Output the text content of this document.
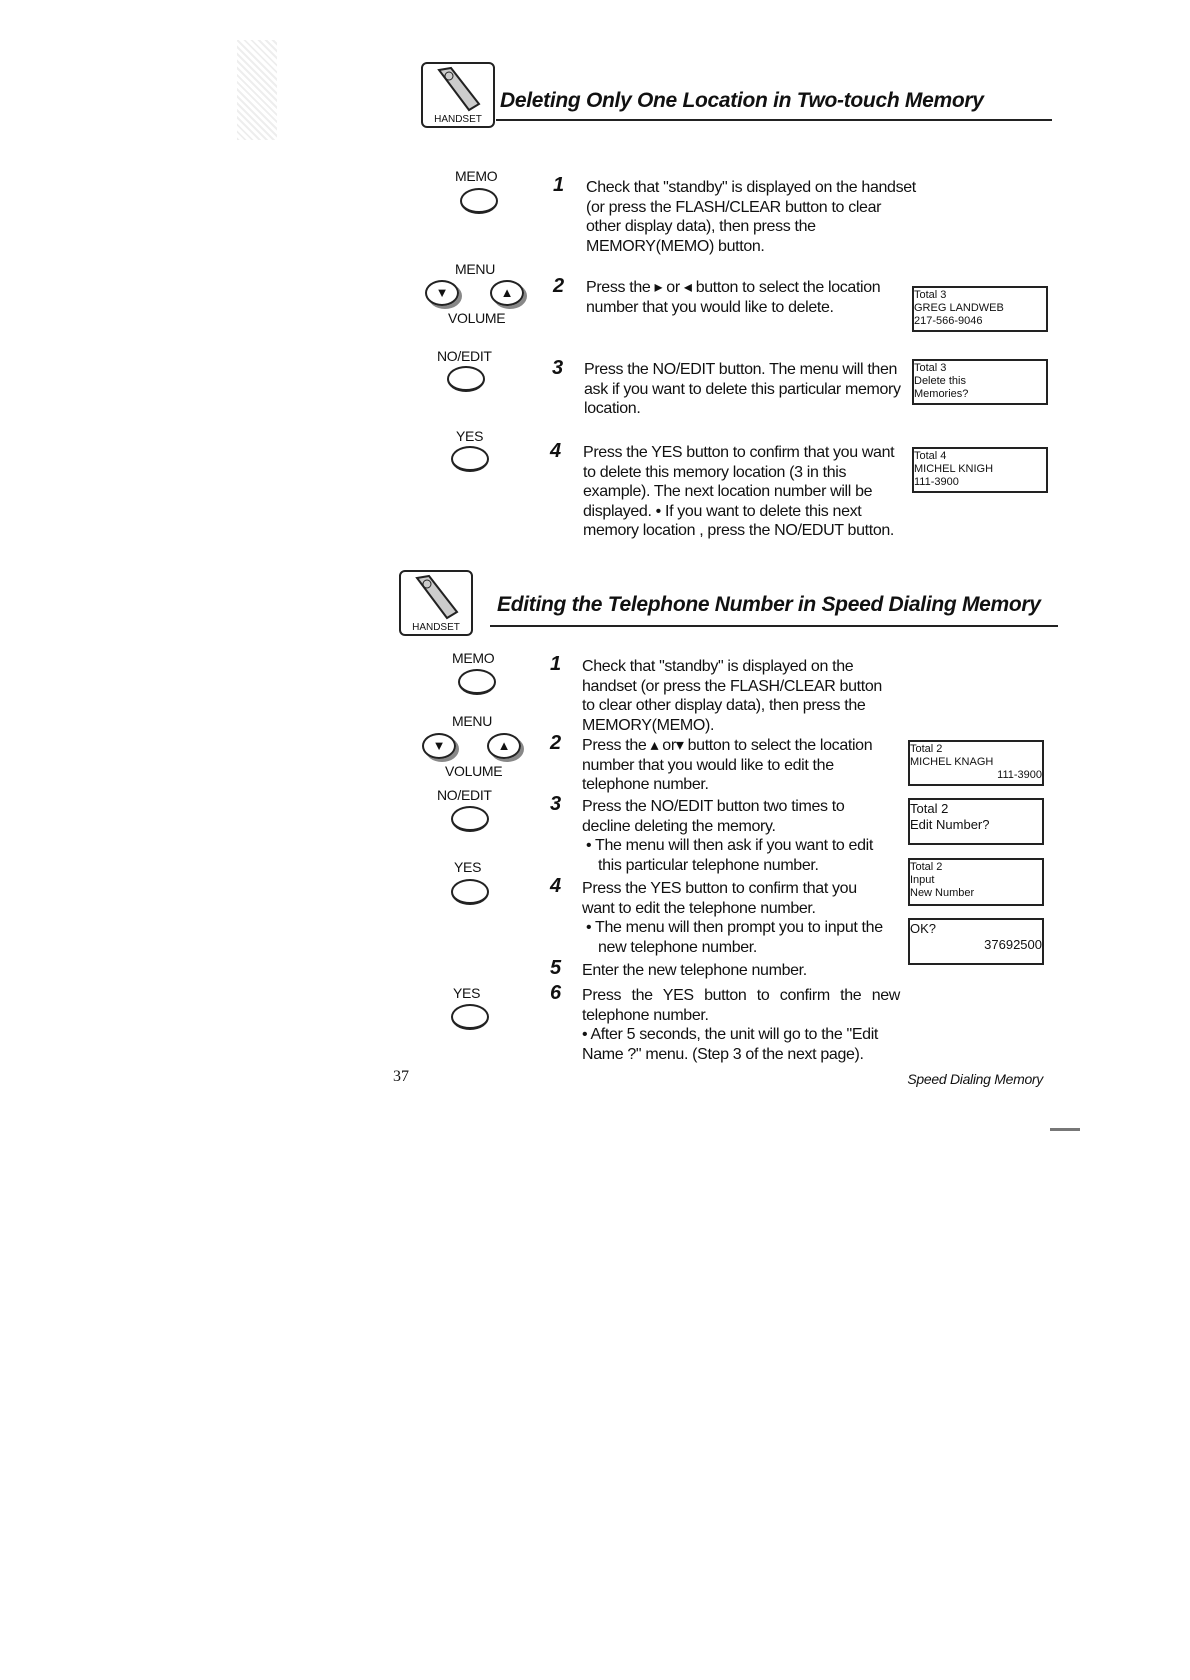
HANDSET
Deleting Only One Location in Two-touch Memory
MEMO
MENU
▼	▲
VOLUME
NO/EDIT
YES
1 Check that "standby" is displayed on the handset (or press the FLASH/CLEAR button to clear other display data), then press the MEMORY(MEMO) button.
2 Press the ▸ or ◂ button to select the location number that you would like to delete.
3 Press the NO/EDIT button. The menu will then ask if you want to delete this particular memory location.
4 Press the YES button to confirm that you want to delete this memory location (3 in this example). The next location number will be displayed. • If you want to delete this next memory location , press the NO/EDUT button.
Total 3
GREG LANDWEB
217-566-9046
Total 3
Delete this
Memories?
Total 4
MICHEL KNIGH
111-3900
HANDSET
Editing the Telephone Number in Speed Dialing Memory
MEMO
MENU
▼	▲
VOLUME
NO/EDIT
YES
YES
1 Check that "standby" is displayed on the handset (or press the FLASH/CLEAR button to clear other display data), then press the MEMORY(MEMO).
2 Press the ▴ or▾ button to select the location number that you would like to edit the telephone number.
3 Press the NO/EDIT button two times to decline deleting the memory.
• The menu will then ask if you want to edit this particular telephone number.
4 Press the YES button to confirm that you want to edit the telephone number.
• The menu will then prompt you to input the new telephone number.
5 Enter the new telephone number.
6 Press the YES button to confirm the new telephone number.
• After 5 seconds, the unit will go to the "Edit Name ?" menu. (Step 3 of the next page).
Total 2
MICHEL KNAGH
111-3900
Total 2
Edit Number?
Total 2
Input
New Number
OK?
37692500
37	Speed Dialing Memory
